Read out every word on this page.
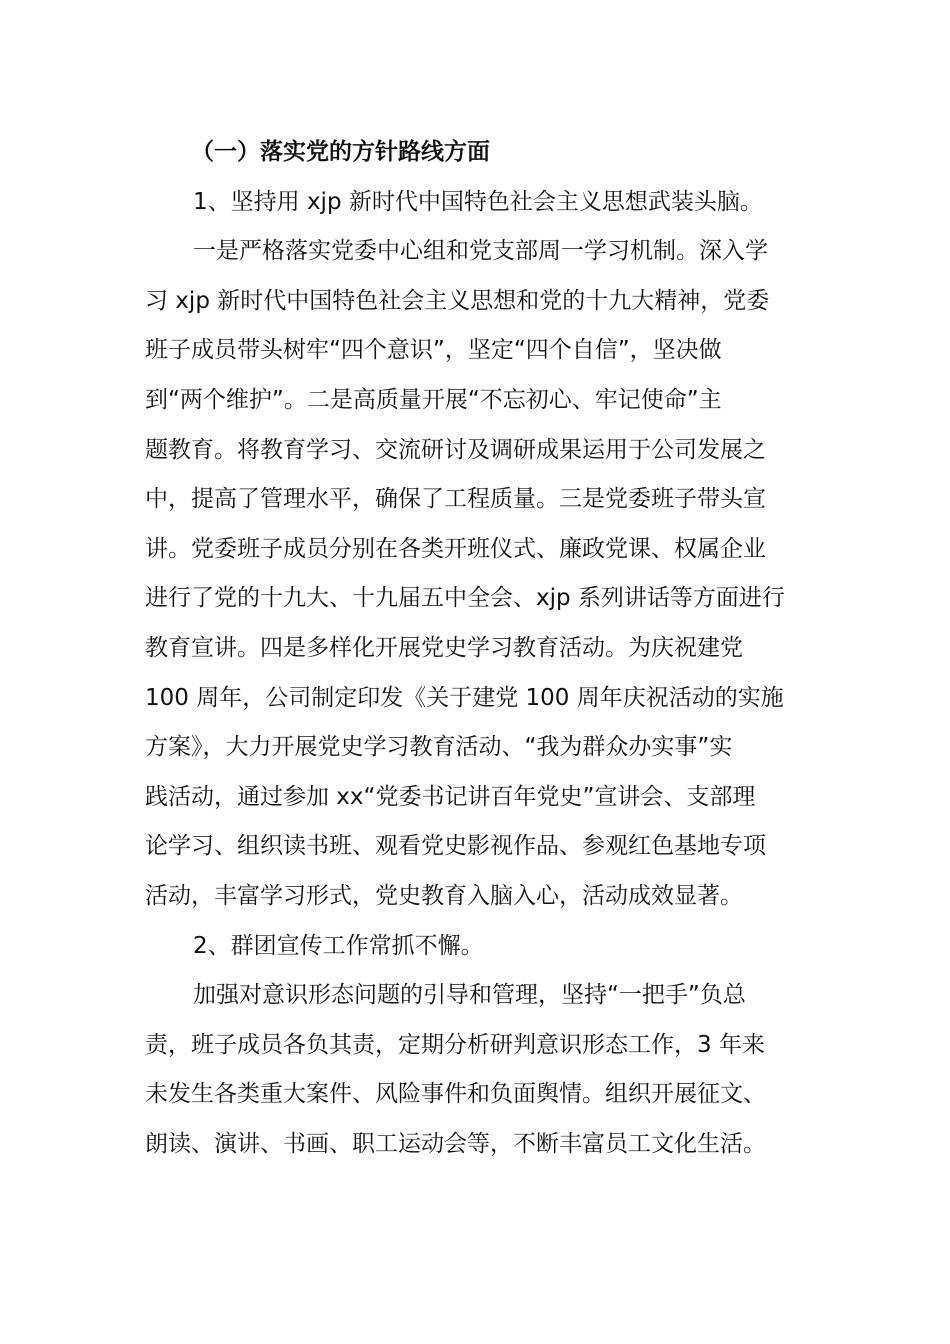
（一）落实党的方针路线方面
1、坚持用 xjp 新时代中国特色社会主义思想武装头脑。
一是严格落实党委中心组和党支部周一学习机制。深入学
习 xjp 新时代中国特色社会主义思想和党的十九大精神，党委
班子成员带头树牢“四个意识”，坚定“四个自信”，坚决做
到“两个维护”。二是高质量开展“不忘初心、牢记使命”主
题教育。将教育学习、交流研讨及调研成果运用于公司发展之
中，提高了管理水平，确保了工程质量。三是党委班子带头宣
讲。党委班子成员分别在各类开班仪式、廉政党课、权属企业
进行了党的十九大、十九届五中全会、xjp 系列讲话等方面进行
教育宣讲。四是多样化开展党史学习教育活动。为庆祝建党
100 周年，公司制定印发《关于建党 100 周年庆祝活动的实施
方案》，大力开展党史学习教育活动、“我为群众办实事”实
践活动，通过参加 xx“党委书记讲百年党史”宣讲会、支部理
论学习、组织读书班、观看党史影视作品、参观红色基地专项
活动，丰富学习形式，党史教育入脑入心，活动成效显著。
2、群团宣传工作常抓不懈。
加强对意识形态问题的引导和管理，坚持“一把手”负总
责，班子成员各负其责，定期分析研判意识形态工作，3 年来
未发生各类重大案件、风险事件和负面舆情。组织开展征文、
朗读、演讲、书画、职工运动会等，不断丰富员工文化生活。
